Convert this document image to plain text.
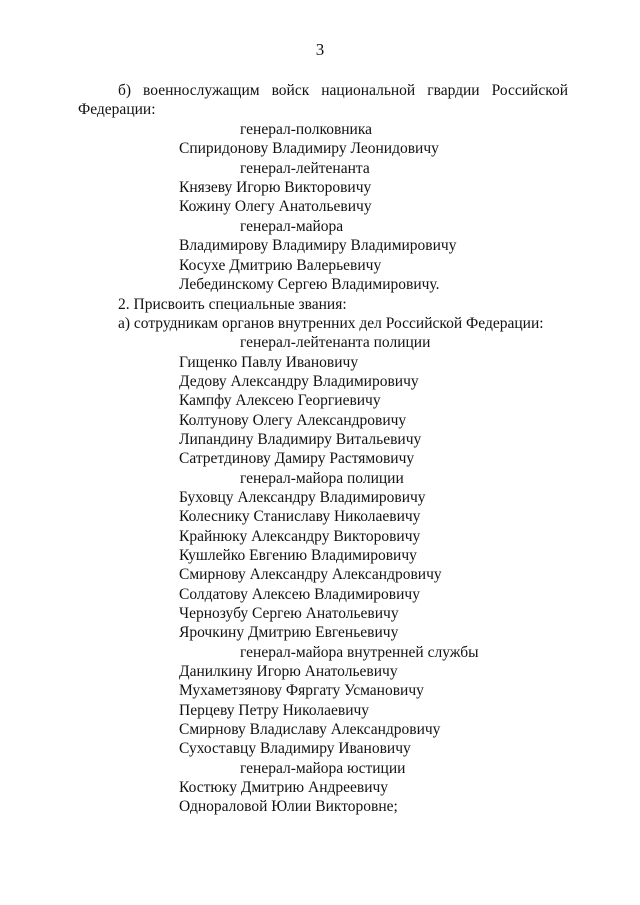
3
б) военнослужащим войск национальной гвардии Российской
Федерации:
генерал-полковника
Спиридонову Владимиру Леонидовичу
генерал-лейтенанта
Князеву Игорю Викторовичу
Кожину Олегу Анатольевичу
генерал-майора
Владимирову Владимиру Владимировичу
Косухе Дмитрию Валерьевичу
Лебединскому Сергею Владимировичу.
2. Присвоить специальные звания:
а) сотрудникам органов внутренних дел Российской Федерации:
генерал-лейтенанта полиции
Гищенко Павлу Ивановичу
Дедову Александру Владимировичу
Кампфу Алексею Георгиевичу
Колтунову Олегу Александровичу
Липандину Владимиру Витальевичу
Сатретдинову Дамиру Растямовичу
генерал-майора полиции
Буховцу Александру Владимировичу
Колеснику Станиславу Николаевичу
Крайнюку Александру Викторовичу
Кушлейко Евгению Владимировичу
Смирнову Александру Александровичу
Солдатову Алексею Владимировичу
Чернозубу Сергею Анатольевичу
Ярочкину Дмитрию Евгеньевичу
генерал-майора внутренней службы
Данилкину Игорю Анатольевичу
Мухаметзянову Фяргату Усмановичу
Перцеву Петру Николаевичу
Смирнову Владиславу Александровичу
Сухоставцу Владимиру Ивановичу
генерал-майора юстиции
Костюку Дмитрию Андреевичу
Однораловой Юлии Викторовне;
